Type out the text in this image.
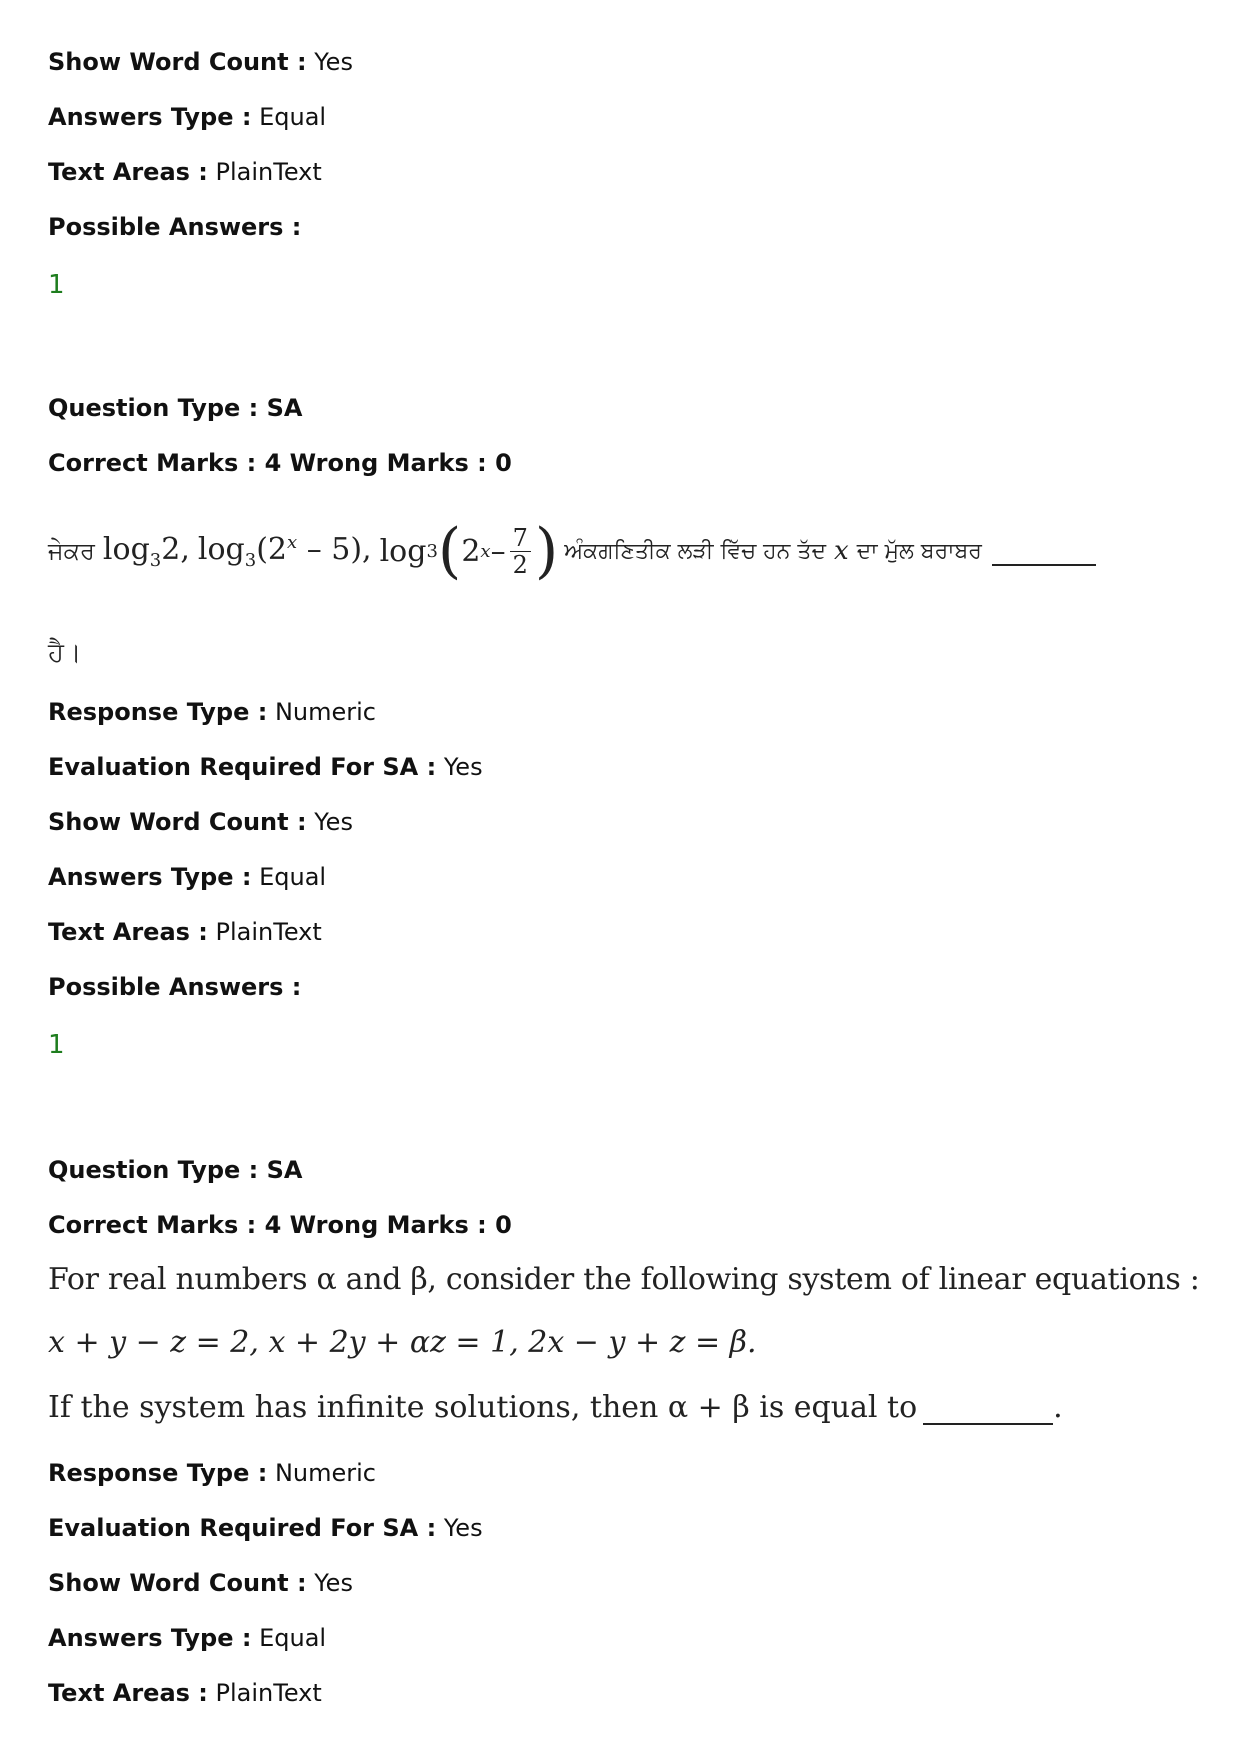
Show Word Count : Yes
Answers Type : Equal
Text Areas : PlainText
Possible Answers :
1
Question Type : SA
Correct Marks : 4 Wrong Marks : 0
ਜੇਕਰ $\log_32$, $\log_3(2^x - 5)$, log 3 ( 2 x – $\frac{7}{2}$ ) ਅੰਕਗਣਿਤੀਕ ਲੜੀ ਵਿੱਚ ਹਨ ਤੱਦ x ਦਾ ਮੁੱਲ ਬਰਾਬਰ
ਹੈ।
Response Type : Numeric
Evaluation Required For SA : Yes
Show Word Count : Yes
Answers Type : Equal
Text Areas : PlainText
Possible Answers :
1
Question Type : SA
Correct Marks : 4 Wrong Marks : 0
For real numbers α and β, consider the following system of linear equations :
x + y − z = 2, x + 2y + αz = 1, 2x − y + z = β.
If the system has infinite solutions, then α + β is equal to	.
Response Type : Numeric
Evaluation Required For SA : Yes
Show Word Count : Yes
Answers Type : Equal
Text Areas : PlainText
